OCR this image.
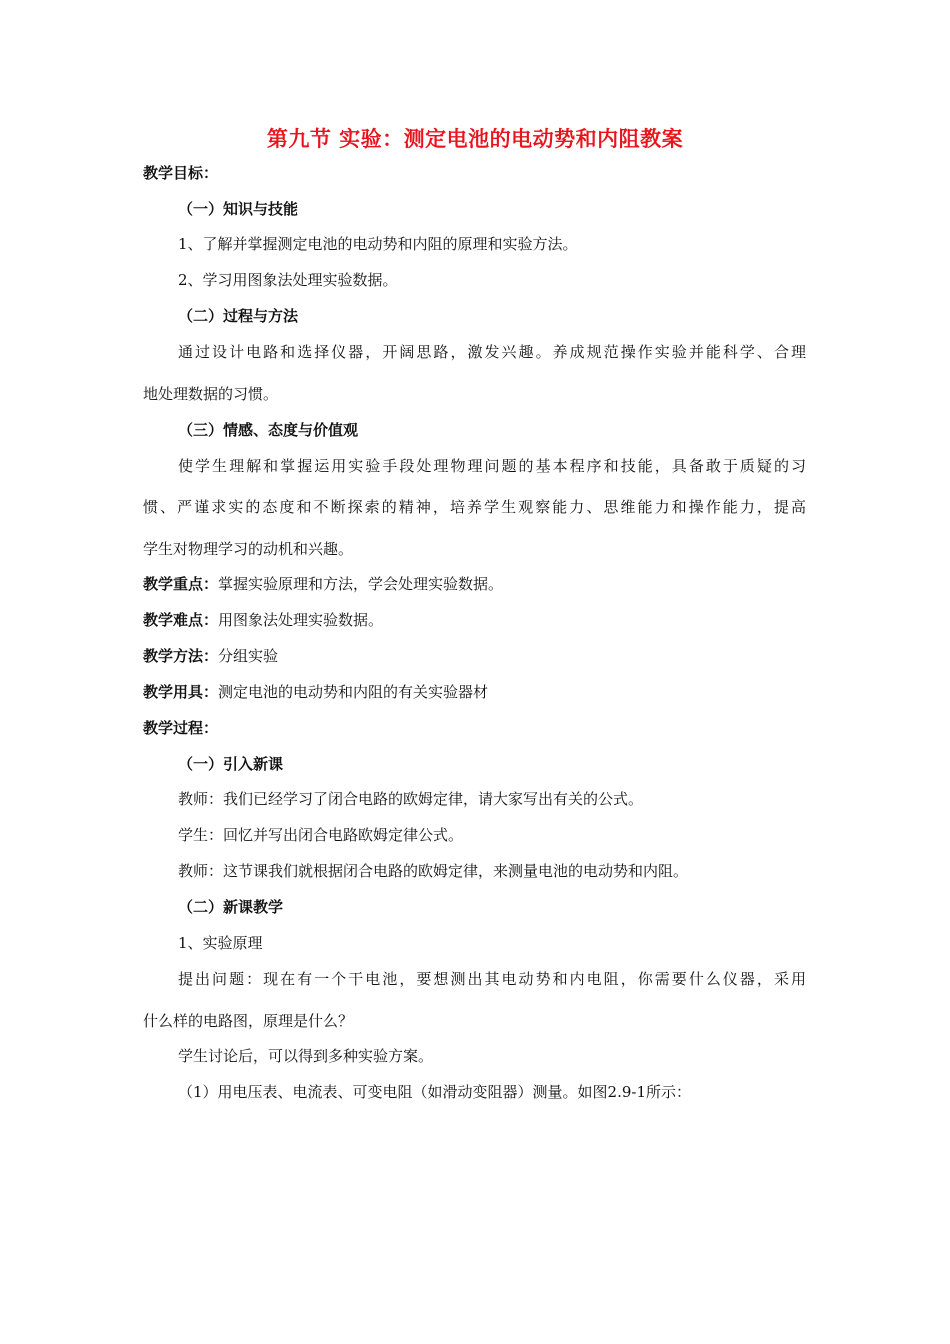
第九节 实验：测定电池的电动势和内阻教案
教学目标：
（一）知识与技能
1、了解并掌握测定电池的电动势和内阻的原理和实验方法。
2、学习用图象法处理实验数据。
（二）过程与方法
通过设计电路和选择仪器，开阔思路，激发兴趣。养成规范操作实验并能科学、合理
地处理数据的习惯。
（三）情感、态度与价值观
使学生理解和掌握运用实验手段处理物理问题的基本程序和技能，具备敢于质疑的习
惯、严谨求实的态度和不断探索的精神，培养学生观察能力、思维能力和操作能力，提高
学生对物理学习的动机和兴趣。
教学重点：掌握实验原理和方法，学会处理实验数据。
教学难点：用图象法处理实验数据。
教学方法：分组实验
教学用具：测定电池的电动势和内阻的有关实验器材
教学过程：
（一）引入新课
教师：我们已经学习了闭合电路的欧姆定律，请大家写出有关的公式。
学生：回忆并写出闭合电路欧姆定律公式。
教师：这节课我们就根据闭合电路的欧姆定律，来测量电池的电动势和内阻。
（二）新课教学
1、实验原理
提出问题：现在有一个干电池，要想测出其电动势和内电阻，你需要什么仪器，采用
什么样的电路图，原理是什么？
学生讨论后，可以得到多种实验方案。
（1）用电压表、电流表、可变电阻（如滑动变阻器）测量。如图2.9-1所示：
